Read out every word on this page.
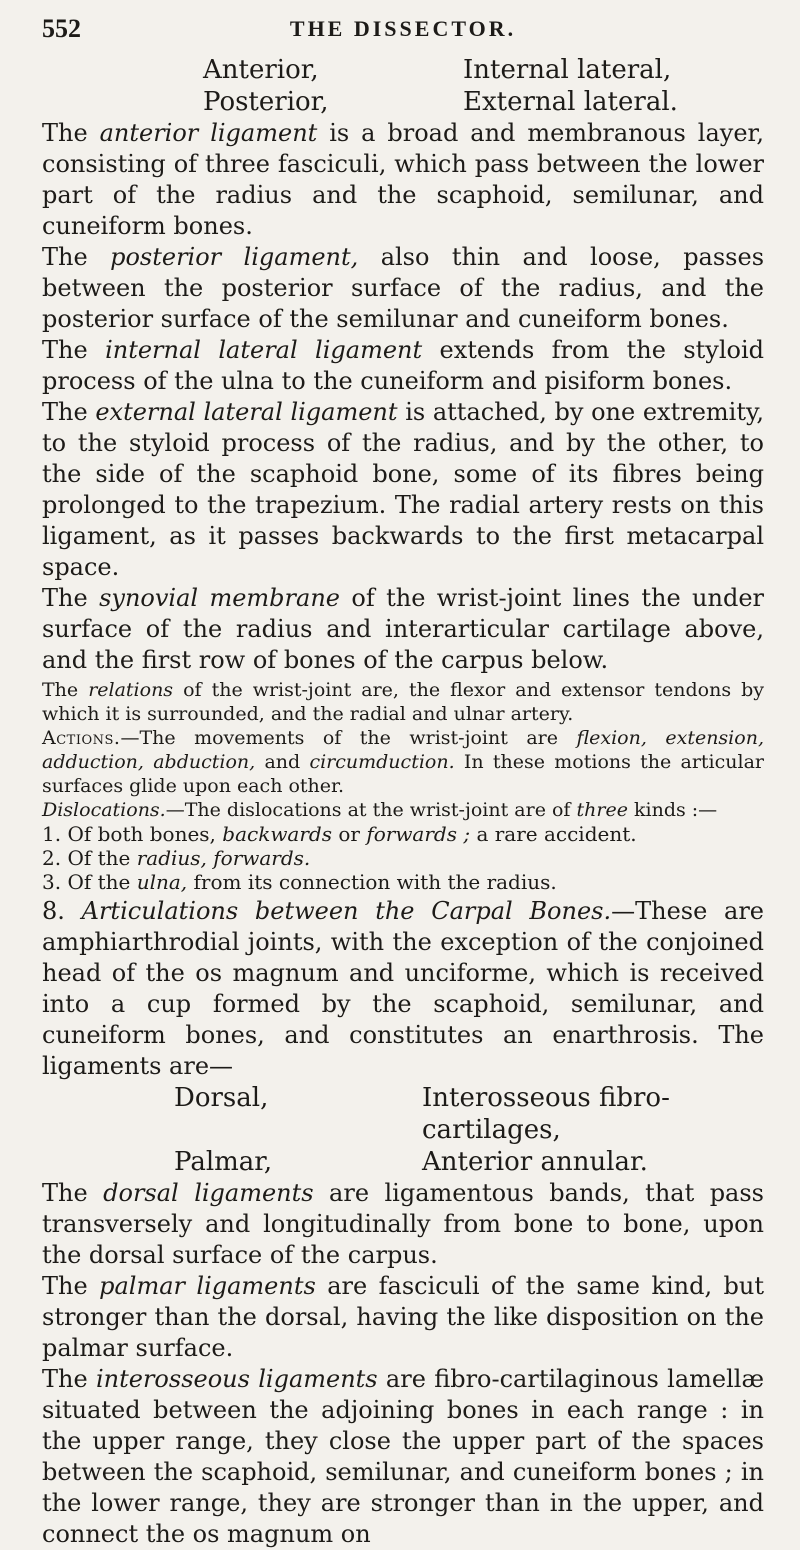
552	THE DISSECTOR.
Anterior,	Internal lateral,
Posterior,	External lateral.

The anterior ligament is a broad and membranous layer, consisting of three fasciculi, which pass between the lower part of the radius and the scaphoid, semilunar, and cuneiform bones.

The posterior ligament, also thin and loose, passes between the posterior surface of the radius, and the posterior surface of the semilunar and cuneiform bones.

The internal lateral ligament extends from the styloid process of the ulna to the cuneiform and pisiform bones.

The external lateral ligament is attached, by one extremity, to the styloid process of the radius, and by the other, to the side of the scaphoid bone, some of its fibres being prolonged to the trapezium. The radial artery rests on this ligament, as it passes backwards to the first metacarpal space.

The synovial membrane of the wrist-joint lines the under surface of the radius and interarticular cartilage above, and the first row of bones of the carpus below.

The relations of the wrist-joint are, the flexor and extensor tendons by which it is surrounded, and the radial and ulnar artery.

Actions.—The movements of the wrist-joint are flexion, extension, adduction, abduction, and circumduction. In these motions the articular surfaces glide upon each other.

Dislocations.—The dislocations at the wrist-joint are of three kinds :—

1. Of both bones, backwards or forwards ; a rare accident.
2. Of the radius, forwards.
3. Of the ulna, from its connection with the radius.

8. Articulations between the Carpal Bones.—These are amphiarthrodial joints, with the exception of the conjoined head of the os magnum and unciforme, which is received into a cup formed by the scaphoid, semilunar, and cuneiform bones, and constitutes an enarthrosis. The ligaments are—

Dorsal,	Interosseous fibro-cartilages,
Palmar,	Anterior annular.

The dorsal ligaments are ligamentous bands, that pass transversely and longitudinally from bone to bone, upon the dorsal surface of the carpus.

The palmar ligaments are fasciculi of the same kind, but stronger than the dorsal, having the like disposition on the palmar surface.

The interosseous ligaments are fibro-cartilaginous lamellæ situated between the adjoining bones in each range : in the upper range, they close the upper part of the spaces between the scaphoid, semilunar, and cuneiform bones ; in the lower range, they are stronger than in the upper, and connect the os magnum on
